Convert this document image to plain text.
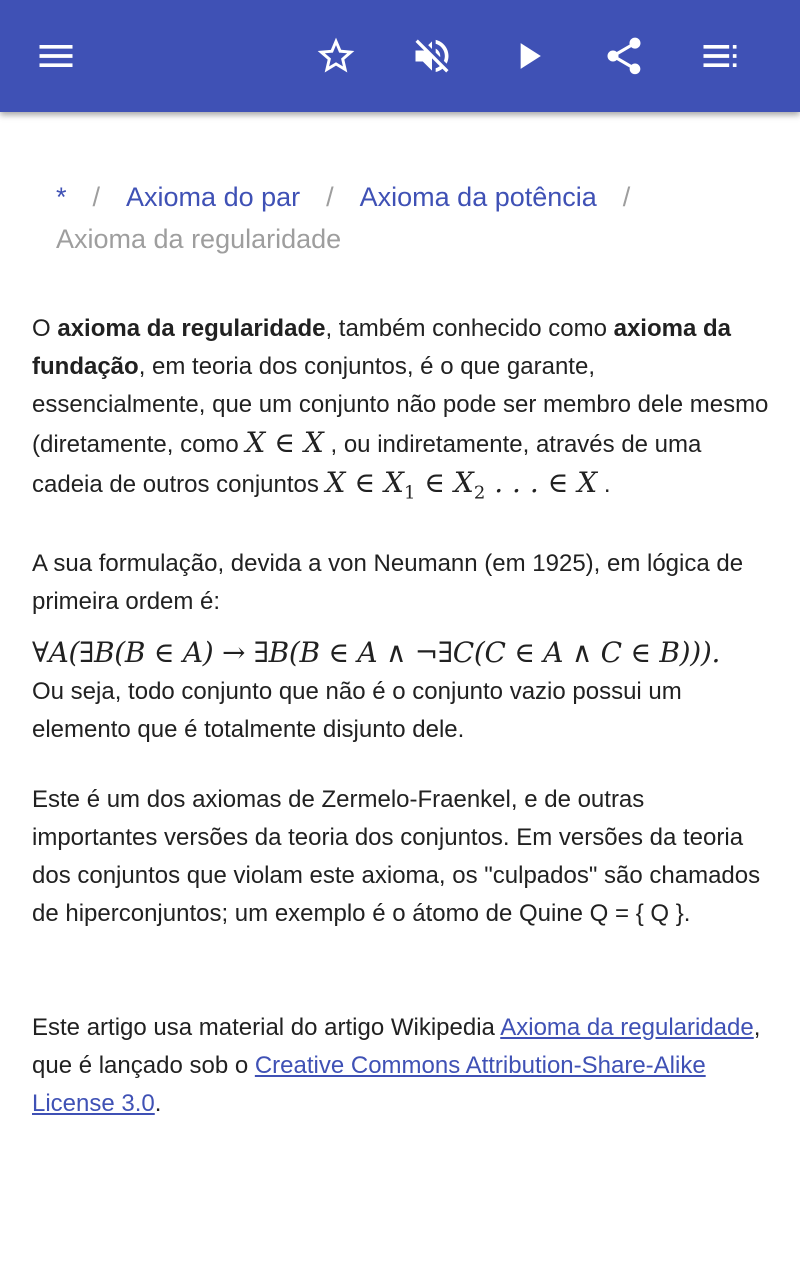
* / Axioma do par / Axioma da potência /
Axioma da regularidade

O axioma da regularidade, também conhecido como axioma da fundação, em teoria dos conjuntos, é o que garante, essencialmente, que um conjunto não pode ser membro dele mesmo (diretamente, como X ∈ X , ou indiretamente, através de uma cadeia de outros conjuntos X ∈ $X_1$ ∈ $X_2$ . . . ∈ X .

A sua formulação, devida a von Neumann (em 1925), em lógica de primeira ordem é:

∀A(∃B(B ∈ A) → ∃B(B ∈ A ∧ ¬∃C(C ∈ A ∧ C ∈ B))).

Ou seja, todo conjunto que não é o conjunto vazio possui um elemento que é totalmente disjunto dele.

Este é um dos axiomas de Zermelo-Fraenkel, e de outras importantes versões da teoria dos conjuntos. Em versões da teoria dos conjuntos que violam este axioma, os "culpados" são chamados de hiperconjuntos; um exemplo é o átomo de Quine Q = { Q }.

Este artigo usa material do artigo Wikipedia Axioma da regularidade, que é lançado sob o Creative Commons Attribution-Share-Alike License 3.0.
